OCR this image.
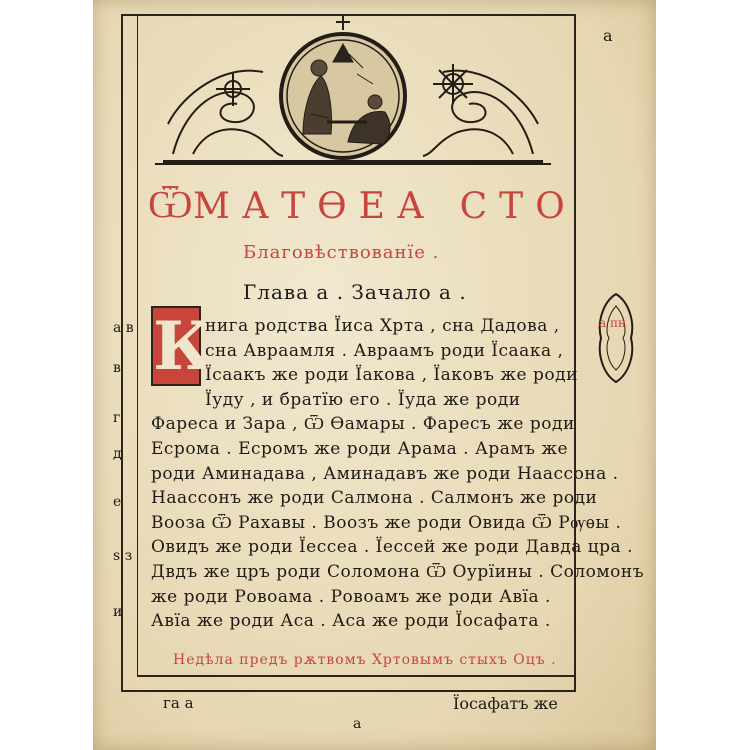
а
Ѿ МАТѲЕА СТО
Благовѣствованїе .
Глава а . Зачало а .
К	а пн
нига родства Їиса Хрта , сна Дадова ,
сна Авраамля . Авраамъ роди Їсаака ,
Їсаакъ же роди Їакова , Їаковъ же роди
Їуду , и братїю его . Їуда же роди
Фареса и Зара , Ѿ Ѳамары . Фаресъ же роди
Есрома . Есромъ же роди Арама . Арамъ же
роди Аминадава , Аминадавъ же роди Наассона .
Наассонъ же роди Салмона . Салмонъ же роди
Вооза Ѿ Рахавы . Воозъ же роди Овида Ѿ Рѹѳы .
Овидъ же роди Їессеа . Їессей же роди Давда цра .
Двдъ же цръ роди Соломона Ѿ Оурїины . Соломонъ
же роди Ровоама . Ровоамъ же роди Авїа .
Авїа же роди Аса . Аса же роди Їосафата .
а в
в
г
д
е
ѕ з
и
Недѣла предъ рѫтвомъ Хртовымъ стыхъ Оцъ .
га а	Їосафатъ же
а
